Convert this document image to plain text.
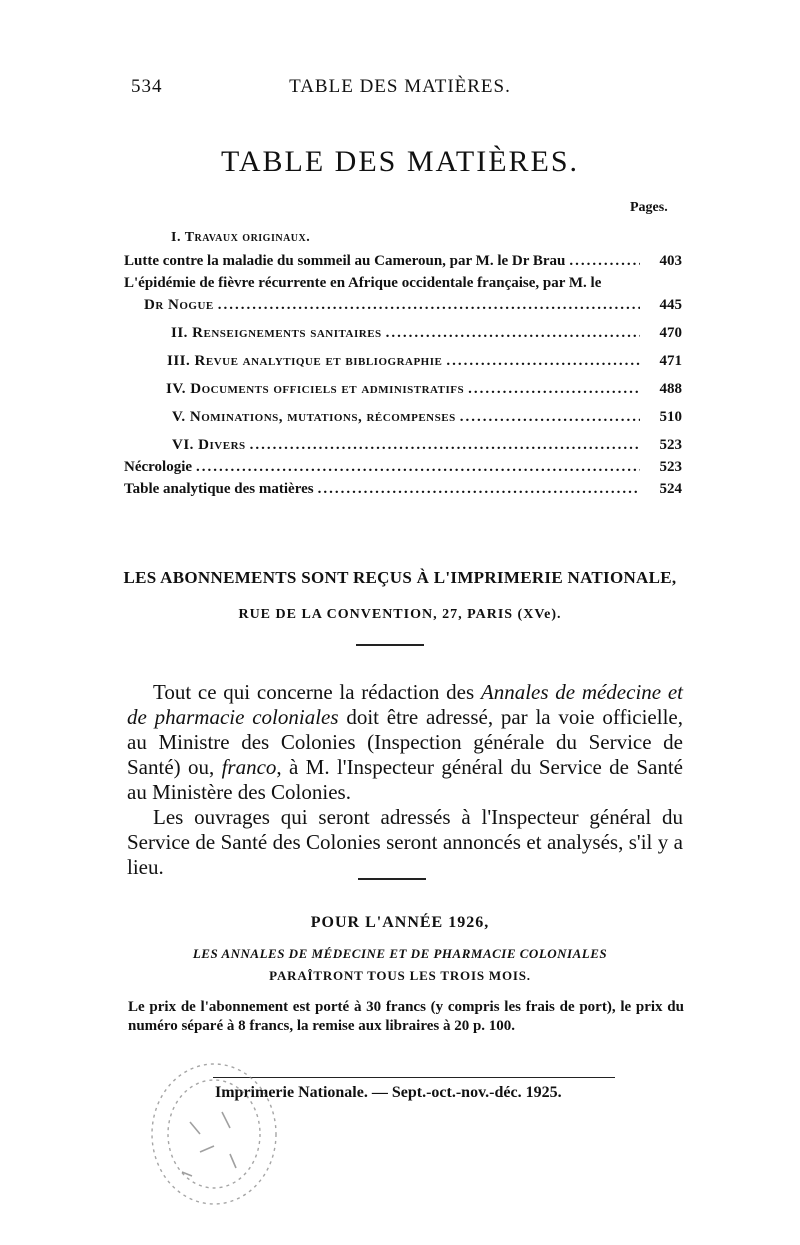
534	TABLE DES MATIÈRES.
TABLE DES MATIÈRES.
Pages.
I. Travaux originaux.
Lutte contre la maladie du sommeil au Cameroun, par M. le Dr Brau .....	403
L'épidémie de fièvre récurrente en Afrique occidentale française, par M. le
Dr Nogue .....	445
II. Renseignements sanitaires .....	470
III. Revue analytique et bibliographie .....	471
IV. Documents officiels et administratifs .....	488
V. Nominations, mutations, récompenses .....	510
VI. Divers .....	523
Nécrologie .....	523
Table analytique des matières .....	524
LES ABONNEMENTS SONT REÇUS À L'IMPRIMERIE NATIONALE,
RUE DE LA CONVENTION, 27, PARIS (XVe).
Tout ce qui concerne la rédaction des Annales de médecine et de pharmacie coloniales doit être adressé, par la voie officielle, au Ministre des Colonies (Inspection générale du Service de Santé) ou, franco, à M. l'Inspecteur général du Service de Santé au Ministère des Colonies.
Les ouvrages qui seront adressés à l'Inspecteur général du Service de Santé des Colonies seront annoncés et analysés, s'il y a lieu.
POUR L'ANNÉE 1926,
LES ANNALES DE MÉDECINE ET DE PHARMACIE COLONIALES
PARAÎTRONT TOUS LES TROIS MOIS.
Le prix de l'abonnement est porté à 30 francs (y compris les frais de port), le prix du numéro séparé à 8 francs, la remise aux libraires à 20 p. 100.
Imprimerie Nationale. — Sept.-oct.-nov.-déc. 1925.
